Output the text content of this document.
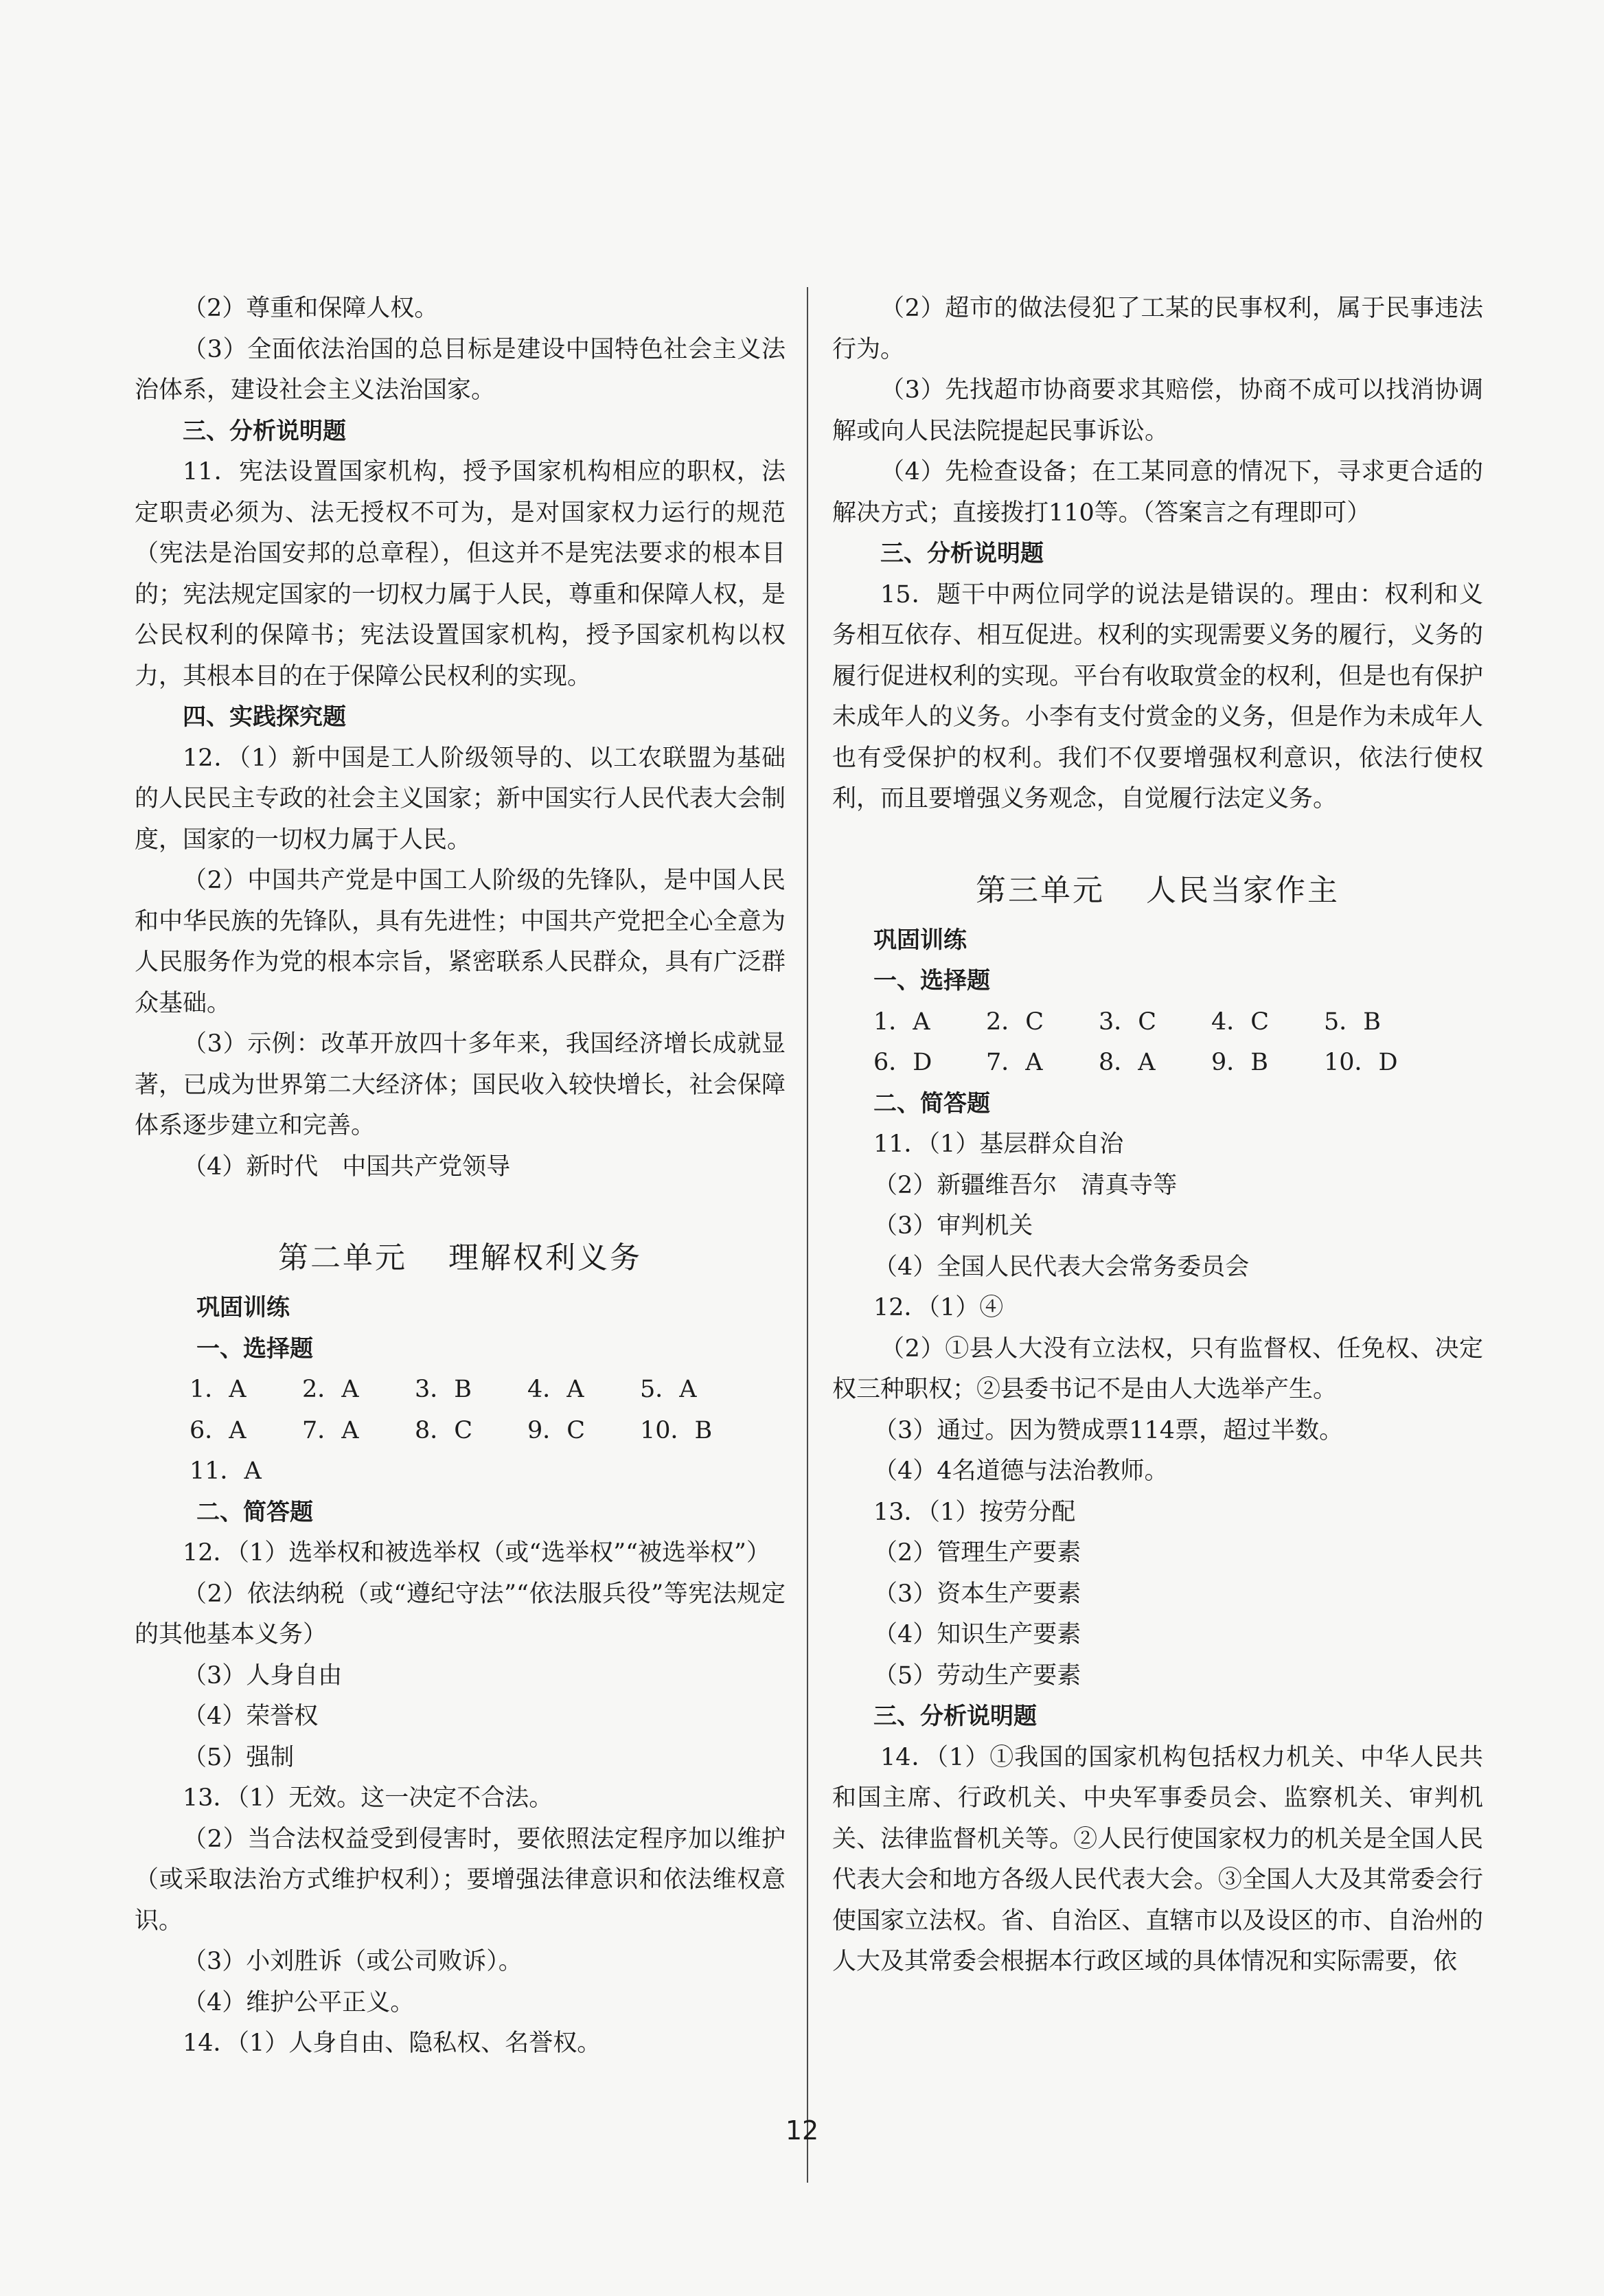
（2）尊重和保障人权。
（3）全面依法治国的总目标是建设中国特色社会主义法治体系，建设社会主义法治国家。
三、分析说明题
11．宪法设置国家机构，授予国家机构相应的职权，法定职责必须为、法无授权不可为，是对国家权力运行的规范（宪法是治国安邦的总章程），但这并不是宪法要求的根本目的；宪法规定国家的一切权力属于人民，尊重和保障人权，是公民权利的保障书；宪法设置国家机构，授予国家机构以权力，其根本目的在于保障公民权利的实现。
四、实践探究题
12．（1）新中国是工人阶级领导的、以工农联盟为基础的人民民主专政的社会主义国家；新中国实行人民代表大会制度，国家的一切权力属于人民。
（2）中国共产党是中国工人阶级的先锋队，是中国人民和中华民族的先锋队，具有先进性；中国共产党把全心全意为人民服务作为党的根本宗旨，紧密联系人民群众，具有广泛群众基础。
（3）示例：改革开放四十多年来，我国经济增长成就显著，已成为世界第二大经济体；国民收入较快增长，社会保障体系逐步建立和完善。
（4）新时代　中国共产党领导
第二单元 理解权利义务
巩固训练
一、选择题
1．A	2．A	3．B	4．A	5．A
6．A	7．A	8．C	9．C	10．B
11．A
二、简答题
12．（1）选举权和被选举权（或“选举权”“被选举权”）
（2）依法纳税（或“遵纪守法”“依法服兵役”等宪法规定的其他基本义务）
（3）人身自由
（4）荣誉权
（5）强制
13．（1）无效。这一决定不合法。
（2）当合法权益受到侵害时，要依照法定程序加以维护（或采取法治方式维护权利）；要增强法律意识和依法维权意识。
（3）小刘胜诉（或公司败诉）。
（4）维护公平正义。
14．（1）人身自由、隐私权、名誉权。
（2）超市的做法侵犯了工某的民事权利，属于民事违法行为。
（3）先找超市协商要求其赔偿，协商不成可以找消协调解或向人民法院提起民事诉讼。
（4）先检查设备；在工某同意的情况下，寻求更合适的解决方式；直接拨打110等。（答案言之有理即可）
三、分析说明题
15．题干中两位同学的说法是错误的。理由：权利和义务相互依存、相互促进。权利的实现需要义务的履行，义务的履行促进权利的实现。平台有收取赏金的权利，但是也有保护未成年人的义务。小李有支付赏金的义务，但是作为未成年人也有受保护的权利。我们不仅要增强权利意识，依法行使权利，而且要增强义务观念，自觉履行法定义务。
第三单元 人民当家作主
巩固训练
一、选择题
1．A	2．C	3．C	4．C	5．B
6．D	7．A	8．A	9．B	10．D
二、简答题
11．（1）基层群众自治
（2）新疆维吾尔　清真寺等
（3）审判机关
（4）全国人民代表大会常务委员会
12．（1）④
（2）①县人大没有立法权，只有监督权、任免权、决定权三种职权；②县委书记不是由人大选举产生。
（3）通过。因为赞成票114票，超过半数。
（4）4名道德与法治教师。
13．（1）按劳分配
（2）管理生产要素
（3）资本生产要素
（4）知识生产要素
（5）劳动生产要素
三、分析说明题
14．（1）①我国的国家机构包括权力机关、中华人民共和国主席、行政机关、中央军事委员会、监察机关、审判机关、法律监督机关等。②人民行使国家权力的机关是全国人民代表大会和地方各级人民代表大会。③全国人大及其常委会行使国家立法权。省、自治区、直辖市以及设区的市、自治州的人大及其常委会根据本行政区域的具体情况和实际需要，依
12
